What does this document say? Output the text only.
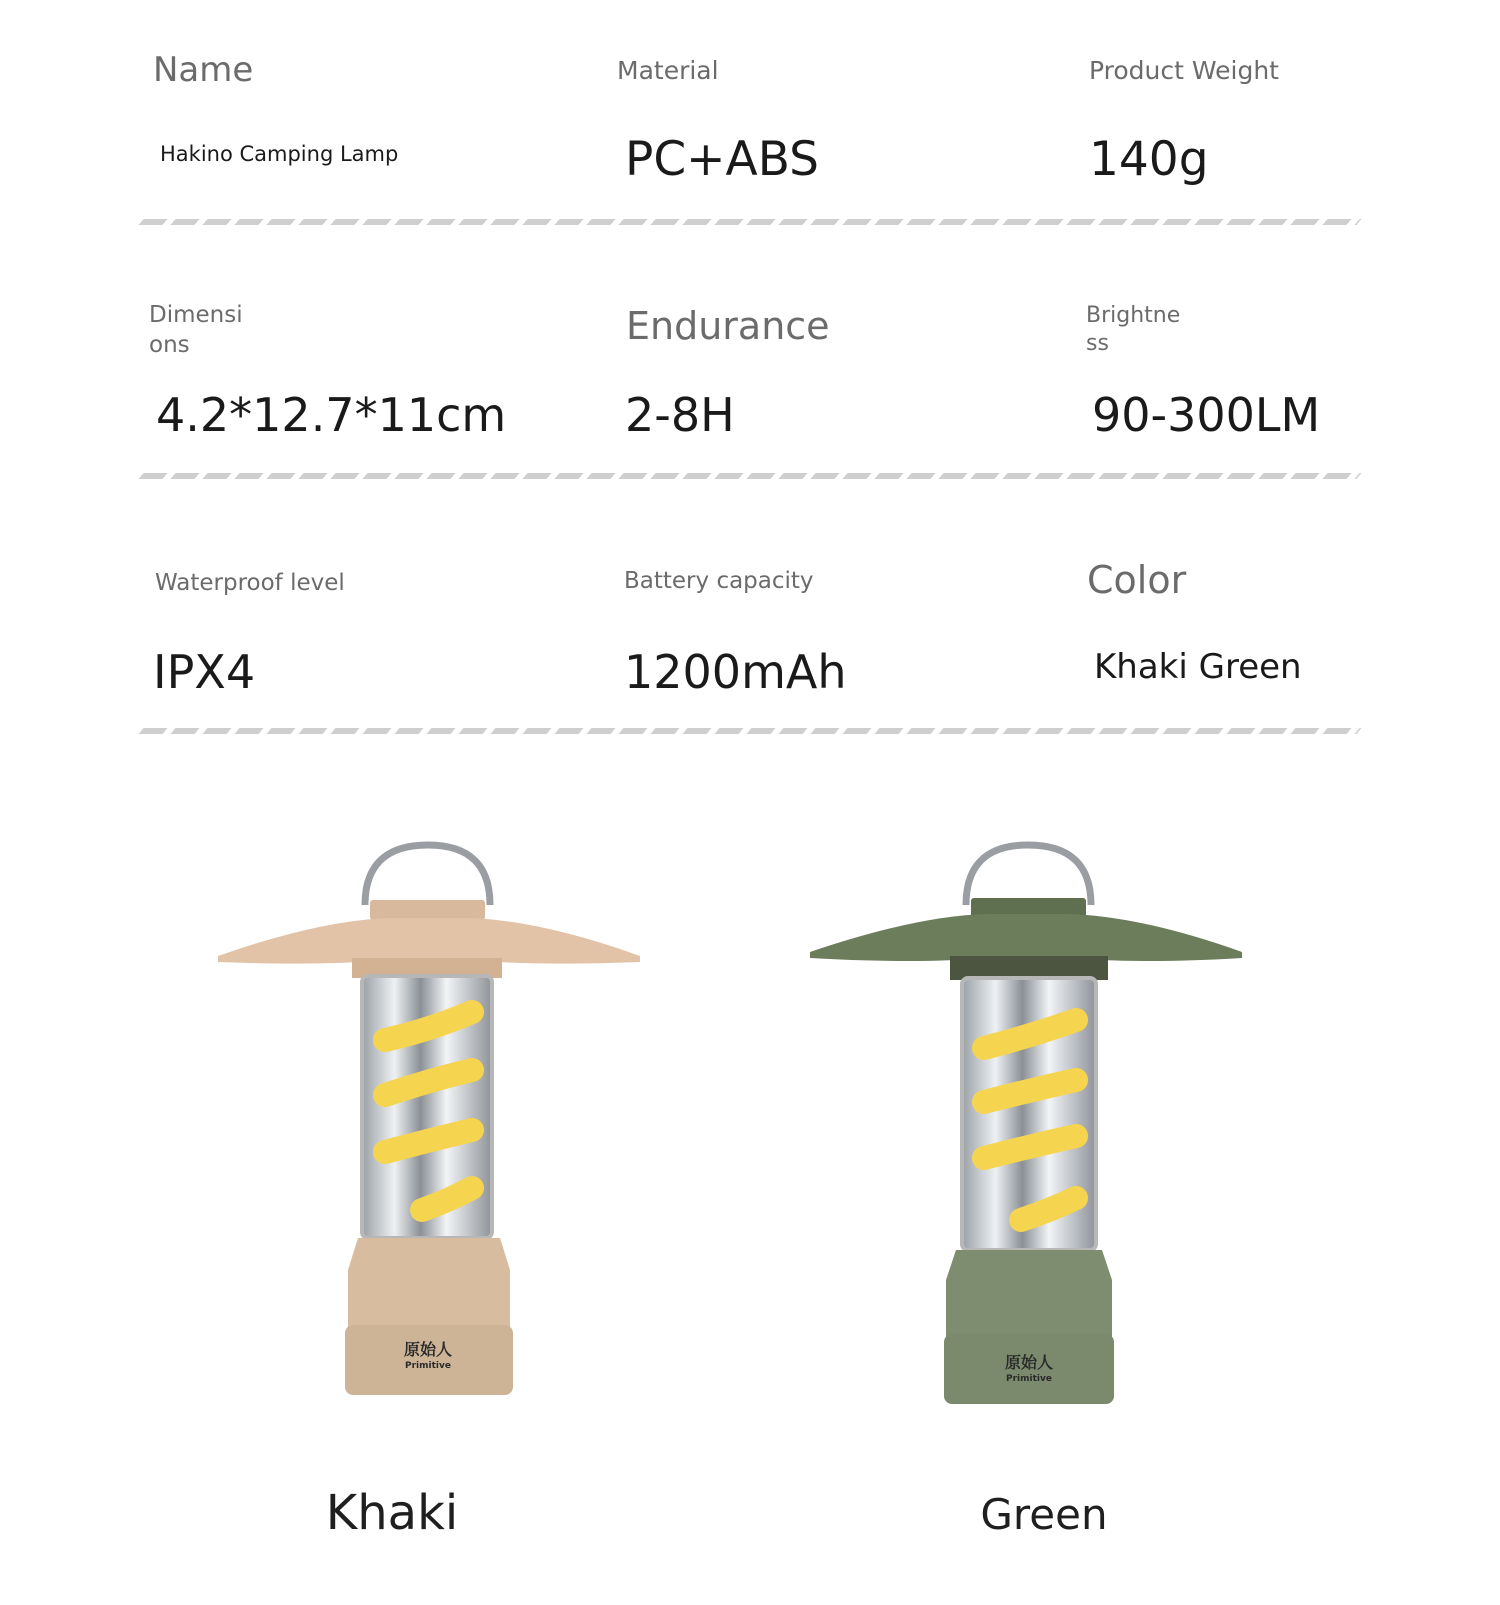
Name
Hakino Camping Lamp
Material
PC+ABS
Product Weight
140g
Dimensi
ons
4.2*12.7*11cm
Endurance
2-8H
Brightne
ss
90-300LM
Waterproof level
IPX4
Battery capacity
1200mAh
Color
Khaki Green
原始人
Primitive
Khaki
原始人
Primitive
Green
